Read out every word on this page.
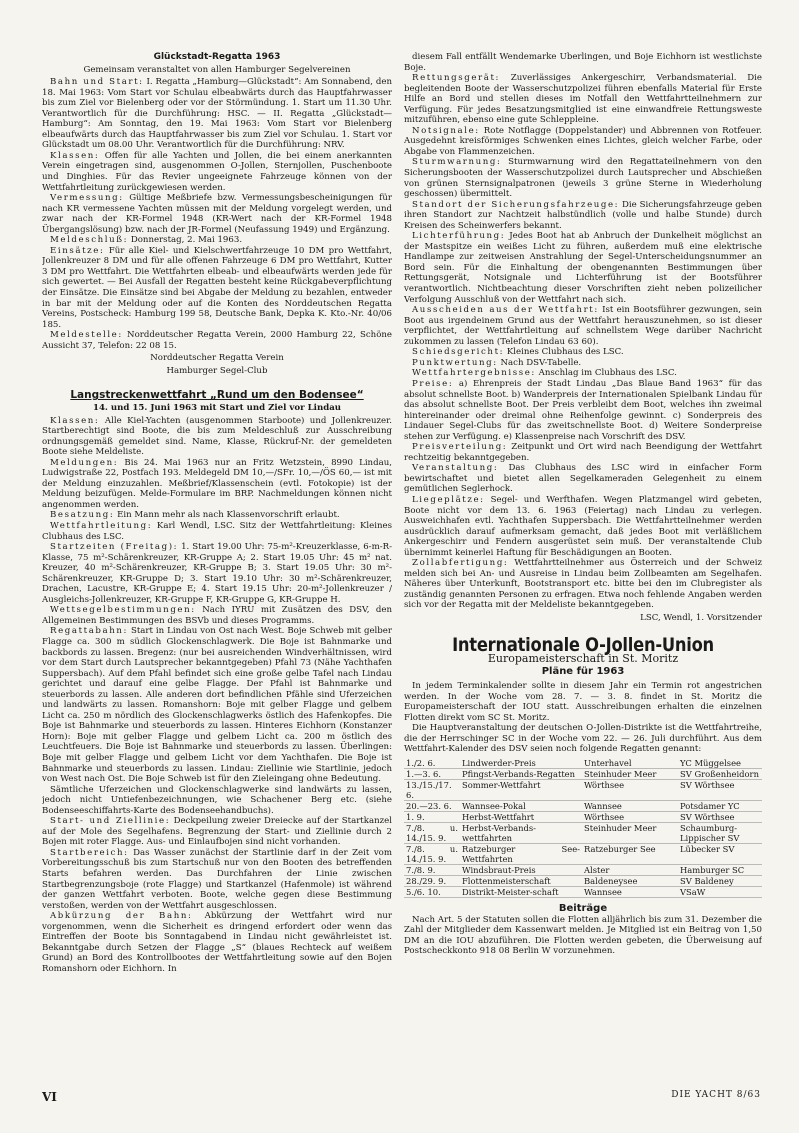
Glückstadt-Regatta 1963
Gemeinsam veranstaltet von allen Hamburger Segelvereinen

Bahn und Start: I. Regatta „Hamburg—Glückstadt“: Am Sonnabend, den 18. Mai 1963: Vom Start vor Schulau elbeabwärts durch das Hauptfahrwasser bis zum Ziel vor Bielenberg oder vor der Störmündung. 1. Start um 11.30 Uhr. Verantwortlich für die Durchführung: HSC. — II. Regatta „Glückstadt—Hamburg“: Am Sonntag, den 19. Mai 1963: Vom Start vor Bielenberg elbeaufwärts durch das Hauptfahrwasser bis zum Ziel vor Schulau. 1. Start vor Glückstadt um 08.00 Uhr. Verantwortlich für die Durchführung: NRV.

Klassen: Offen für alle Yachten und Jollen, die bei einem anerkannten Verein eingetragen sind, ausgenommen O-Jollen, Sternjollen, Puschenboote und Dinghies. Für das Revier ungeeignete Fahrzeuge können von der Wettfahrtleitung zurückgewiesen werden.

Vermessung: Gültige Meßbriefe bzw. Vermessungsbescheinigungen für nach KR vermessene Yachten müssen mit der Meldung vorgelegt werden, und zwar nach der KR-Formel 1948 (KR-Wert nach der KR-Formel 1948 Übergangslösung) bzw. nach der JR-Formel (Neufassung 1949) und Ergänzung.

Meldeschluß: Donnerstag, 2. Mai 1963.

Einsätze: Für alle Kiel- und Kielschwertfahrzeuge 10 DM pro Wettfahrt, Jollenkreuzer 8 DM und für alle offenen Fahrzeuge 6 DM pro Wettfahrt, Kutter 3 DM pro Wettfahrt. Die Wettfahrten elbeab- und elbeaufwärts werden jede für sich gewertet. — Bei Ausfall der Regatten besteht keine Rückgabeverpflichtung der Einsätze. Die Einsätze sind bei Abgabe der Meldung zu bezahlen, entweder in bar mit der Meldung oder auf die Konten des Norddeutschen Regatta Vereins, Postscheck: Hamburg 199 58, Deutsche Bank, Depka K. Kto.-Nr. 40/06 185.

Meldestelle: Norddeutscher Regatta Verein, 2000 Hamburg 22, Schöne Aussicht 37, Telefon: 22 08 15.

Norddeutscher Regatta Verein
Hamburger Segel-Club
Langstreckenwettfahrt „Rund um den Bodensee“
14. und 15. Juni 1963 mit Start und Ziel vor Lindau

Klassen: Alle Kiel-Yachten (ausgenommen Starboote) und Jollenkreuzer. Startberechtigt sind Boote, die bis zum Meldeschluß zur Ausschreibung ordnungsgemäß gemeldet sind. Name, Klasse, Rückruf-Nr. der gemeldeten Boote siehe Meldeliste.

Meldungen: Bis 24. Mai 1963 nur an Fritz Wetzstein, 8990 Lindau, Ludwigstraße 22, Postfach 193. Meldegeld DM 10,—/SFr. 10,—/ÖS 60,— ist mit der Meldung einzuzahlen. Meßbrief/Klassenschein (evtl. Fotokopie) ist der Meldung beizufügen. Melde-Formulare im BRP. Nachmeldungen können nicht angenommen werden.

Besatzung: Ein Mann mehr als nach Klassenvorschrift erlaubt.

Wettfahrtleitung: Karl Wendl, LSC. Sitz der Wettfahrtleitung: Kleines Clubhaus des LSC.

Startzeiten (Freitag): 1. Start 19.00 Uhr: 75-m²-Kreuzerklasse, 6-m-R-Klasse, 75 m²-Schärenkreuzer, KR-Gruppe A; 2. Start 19.05 Uhr: 45 m² nat. Kreuzer, 40 m²-Schärenkreuzer, KR-Gruppe B; 3. Start 19.05 Uhr: 30 m²-Schärenkreuzer, KR-Gruppe D; 3. Start 19.10 Uhr: 30 m²-Schärenkreuzer, Drachen, Lacustre, KR-Gruppe E; 4. Start 19.15 Uhr: 20-m²-Jollenkreuzer / Ausgleichs-Jollenkreuzer, KR-Gruppe F, KR-Gruppe G, KR-Gruppe H.

Wettsegelbestimmungen: Nach IYRU mit Zusätzen des DSV, den Allgemeinen Bestimmungen des BSVb und dieses Programms.

Regattabahn: Start in Lindau von Ost nach West. Boje Schweb mit gelber Flagge ca. 300 m südlich Glockenschlagwerk. Die Boje ist Bahnmarke und backbords zu lassen. Bregenz: (nur bei ausreichenden Windverhältnissen, wird vor dem Start durch Lautsprecher bekanntgegeben) Pfahl 73 (Nähe Yachthafen Suppersbach). Auf dem Pfahl befindet sich eine große gelbe Tafel nach Lindau gerichtet und darauf eine gelbe Flagge. Der Pfahl ist Bahnmarke und steuerbords zu lassen. Alle anderen dort befindlichen Pfähle sind Uferzeichen und landwärts zu lassen. Romanshorn: Boje mit gelber Flagge und gelbem Licht ca. 250 m nördlich des Glockenschlagwerks östlich des Hafenkopfes. Die Boje ist Bahnmarke und steuerbords zu lassen. Hinteres Eichhorn (Konstanzer Horn): Boje mit gelber Flagge und gelbem Licht ca. 200 m östlich des Leuchtfeuers. Die Boje ist Bahnmarke und steuerbords zu lassen. Überlingen: Boje mit gelber Flagge und gelbem Licht vor dem Yachthafen. Die Boje ist Bahnmarke und steuerbords zu lassen. Lindau: Ziellinie wie Startlinie, jedoch von West nach Ost. Die Boje Schweb ist für den Zieleingang ohne Bedeutung.

Sämtliche Uferzeichen und Glockenschlagwerke sind landwärts zu lassen, jedoch nicht Untiefenbezeichnungen, wie Schachener Berg etc. (siehe Bodenseeschiffahrts-Karte des Bodenseehandbuchs).

Start- und Ziellinie: Deckpeilung zweier Dreiecke auf der Startkanzel auf der Mole des Segelhafens. Begrenzung der Start- und Ziellinie durch 2 Bojen mit roter Flagge. Aus- und Einlaufbojen sind nicht vorhanden.

Startbereich: Das Wasser zunächst der Startlinie darf in der Zeit vom Vorbereitungsschuß bis zum Startschuß nur von den Booten des betreffenden Starts befahren werden. Das Durchfahren der Linie zwischen Startbegrenzungsboje (rote Flagge) und Startkanzel (Hafenmole) ist während der ganzen Wettfahrt verboten. Boote, welche gegen diese Bestimmung verstoßen, werden von der Wettfahrt ausgeschlossen.

Abkürzung der Bahn: Abkürzung der Wettfahrt wird nur vorgenommen, wenn die Sicherheit es dringend erfordert oder wenn das Eintreffen der Boote bis Sonntagabend in Lindau nicht gewährleistet ist. Bekanntgabe durch Setzen der Flagge „S“ (blaues Rechteck auf weißem Grund) an Bord des Kontrollbootes der Wettfahrtleitung sowie auf den Bojen Romanshorn oder Eichhorn. In

diesem Fall entfällt Wendemarke Überlingen, und Boje Eichhorn ist westlichste Boje.

Rettungsgerät: Zuverlässiges Ankergeschirr, Verbandsmaterial. Die begleitenden Boote der Wasserschutzpolizei führen ebenfalls Material für Erste Hilfe an Bord und stellen dieses im Notfall den Wettfahrtteilnehmern zur Verfügung. Für jedes Besatzungsmitglied ist eine einwandfreie Rettungsweste mitzuführen, ebenso eine gute Schleppleine.

Notsignale: Rote Notflagge (Doppelstander) und Abbrennen von Rotfeuer. Ausgedehnt kreisförmiges Schwenken eines Lichtes, gleich welcher Farbe, oder Abgabe von Flammenzeichen.

Sturmwarnung: Sturmwarnung wird den Regattateilnehmern von den Sicherungsbooten der Wasserschutzpolizei durch Lautsprecher und Abschießen von grünen Sternsignalpatronen (jeweils 3 grüne Sterne in Wiederholung geschossen) übermittelt.

Standort der Sicherungsfahrzeuge: Die Sicherungsfahrzeuge geben ihren Standort zur Nachtzeit halbstündlich (volle und halbe Stunde) durch Kreisen des Scheinwerfers bekannt.

Lichterführung: Jedes Boot hat ab Anbruch der Dunkelheit möglichst an der Mastspitze ein weißes Licht zu führen, außerdem muß eine elektrische Handlampe zur zeitweisen Anstrahlung der Segel-Unterscheidungsnummer an Bord sein. Für die Einhaltung der obengenannten Bestimmungen über Rettungsgerät, Notsignale und Lichterführung ist der Bootsführer verantwortlich. Nichtbeachtung dieser Vorschriften zieht neben polizeilicher Verfolgung Ausschluß von der Wettfahrt nach sich.

Ausscheiden aus der Wettfahrt: Ist ein Bootsführer gezwungen, sein Boot aus irgendeinem Grund aus der Wettfahrt herauszunehmen, so ist dieser verpflichtet, der Wettfahrtleitung auf schnellstem Wege darüber Nachricht zukommen zu lassen (Telefon Lindau 63 60).

Schiedsgericht: Kleines Clubhaus des LSC.

Punktwertung: Nach DSV-Tabelle.

Wettfahrtergebnisse: Anschlag im Clubhaus des LSC.

Preise: a) Ehrenpreis der Stadt Lindau „Das Blaue Band 1963“ für das absolut schnellste Boot. b) Wanderpreis der Internationalen Spielbank Lindau für das absolut schnellste Boot. Der Preis verbleibt dem Boot, welches ihn zweimal hintereinander oder dreimal ohne Reihenfolge gewinnt. c) Sonderpreis des Lindauer Segel-Clubs für das zweitschnellste Boot. d) Weitere Sonderpreise stehen zur Verfügung. e) Klassenpreise nach Vorschrift des DSV.

Preisverteilung: Zeitpunkt und Ort wird nach Beendigung der Wettfahrt rechtzeitig bekanntgegeben.

Veranstaltung: Das Clubhaus des LSC wird in einfacher Form bewirtschaftet und bietet allen Segelkameraden Gelegenheit zu einem gemütlichen Seglerhock.

Liegeplätze: Segel- und Werfthafen. Wegen Platzmangel wird gebeten, Boote nicht vor dem 13. 6. 1963 (Feiertag) nach Lindau zu verlegen. Ausweichhafen evtl. Yachthafen Suppersbach. Die Wettfahrtteilnehmer werden ausdrücklich darauf aufmerksam gemacht, daß jedes Boot mit verläßlichem Ankergeschirr und Fendern ausgerüstet sein muß. Der veranstaltende Club übernimmt keinerlei Haftung für Beschädigungen an Booten.

Zollabfertigung: Wettfahrtteilnehmer aus Österreich und der Schweiz melden sich bei An- und Ausreise in Lindau beim Zollbeamten am Segelhafen. Näheres über Unterkunft, Bootstransport etc. bitte bei den im Clubregister als zuständig genannten Personen zu erfragen. Etwa noch fehlende Angaben werden sich vor der Regatta mit der Meldeliste bekanntgegeben.

LSC, Wendl, 1. Vorsitzender
Internationale O-Jollen-Union
Europameisterschaft in St. Moritz
Pläne für 1963

In jedem Terminkalender sollte in diesem Jahr ein Termin rot angestrichen werden. In der Woche vom 28. 7. — 3. 8. findet in St. Moritz die Europameisterschaft der IOU statt. Ausschreibungen erhalten die einzelnen Flotten direkt vom SC St. Moritz.

Die Hauptveranstaltung der deutschen O-Jollen-Distrikte ist die Wettfahrtreihe, die der Herrschinger SC in der Woche vom 22. — 26. Juli durchführt. Aus dem Wettfahrt-Kalender des DSV seien noch folgende Regatten genannt:

1./2. 6.	Lindwerder-Preis	Unterhavel	YC Müggelsee
1.—3. 6.	Pfingst-Verbands-Regatten	Steinhuder Meer	SV Großenheidorn
13./15./17. 6.	Sommer-Wettfahrt	Wörthsee	SV Wörthsee
20.—23. 6.	Wannsee-Pokal	Wannsee	Potsdamer YC
1. 9.	Herbst-Wettfahrt	Wörthsee	SV Wörthsee
7./8. u. 14./15. 9.	Herbst-Verbands-wettfahrten	Steinhuder Meer	Schaumburg-Lippischer SV
7./8. u. 14./15. 9.	Ratzeburger See-Wettfahrten	Ratzeburger See	Lübecker SV
7./8. 9.	Windsbraut-Preis	Alster	Hamburger SC
28./29. 9.	Flottenmeisterschaft	Baldeneysee	SV Baldeney
5./6. 10.	Distrikt-Meister-schaft	Wannsee	VSaW
Beiträge

Nach Art. 5 der Statuten sollen die Flotten alljährlich bis zum 31. Dezember die Zahl der Mitglieder dem Kassenwart melden. Je Mitglied ist ein Beitrag von 1,50 DM an die IOU abzuführen. Die Flotten werden gebeten, die Überweisung auf Postscheckkonto 918 08 Berlin W vorzunehmen.

VI	DIE YACHT 8/63
